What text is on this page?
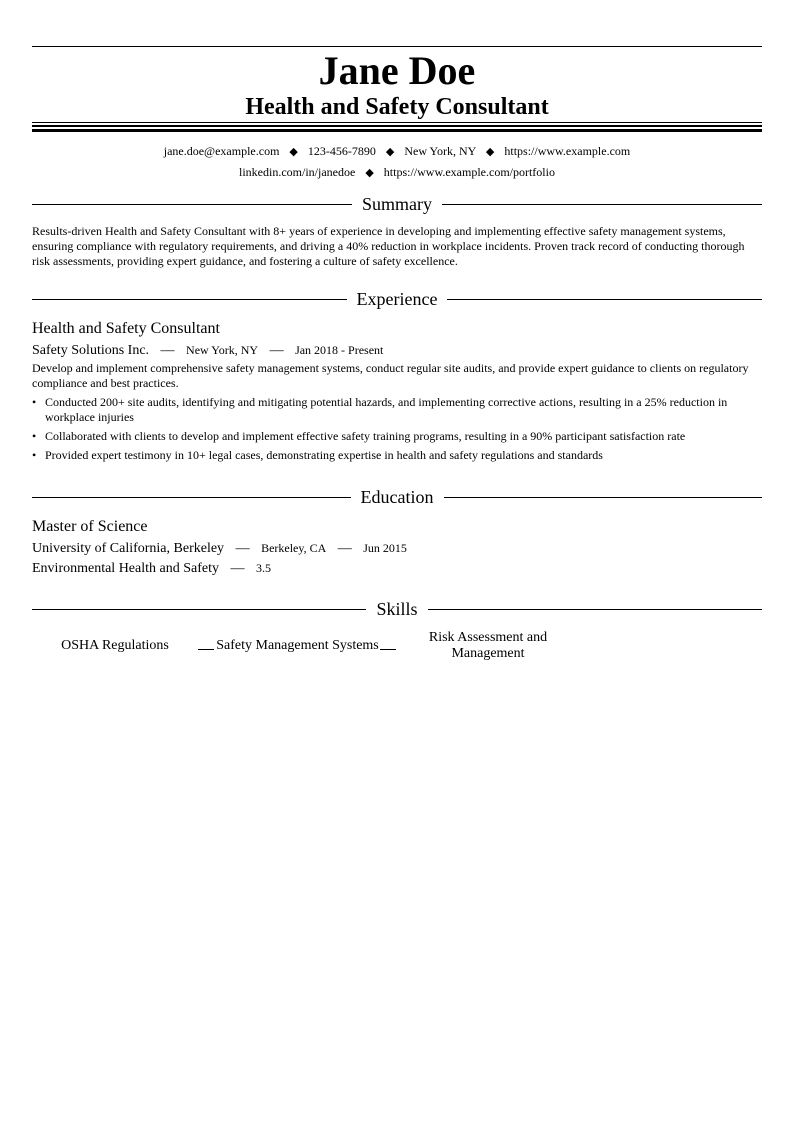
Jane Doe
Health and Safety Consultant
jane.doe@example.com ◆ 123-456-7890 ◆ New York, NY ◆ https://www.example.com
linkedin.com/in/janedoe ◆ https://www.example.com/portfolio
Summary
Results-driven Health and Safety Consultant with 8+ years of experience in developing and implementing effective safety management systems, ensuring compliance with regulatory requirements, and driving a 40% reduction in workplace incidents. Proven track record of conducting thorough risk assessments, providing expert guidance, and fostering a culture of safety excellence.
Experience
Health and Safety Consultant
Safety Solutions Inc. — New York, NY — Jan 2018 - Present
Develop and implement comprehensive safety management systems, conduct regular site audits, and provide expert guidance to clients on regulatory compliance and best practices.
• Conducted 200+ site audits, identifying and mitigating potential hazards, and implementing corrective actions, resulting in a 25% reduction in workplace injuries
• Collaborated with clients to develop and implement effective safety training programs, resulting in a 90% participant satisfaction rate
• Provided expert testimony in 10+ legal cases, demonstrating expertise in health and safety regulations and standards
Education
Master of Science
University of California, Berkeley — Berkeley, CA — Jun 2015
Environmental Health and Safety — 3.5
Skills
OSHA Regulations	Safety Management Systems
Risk Assessment and Management
